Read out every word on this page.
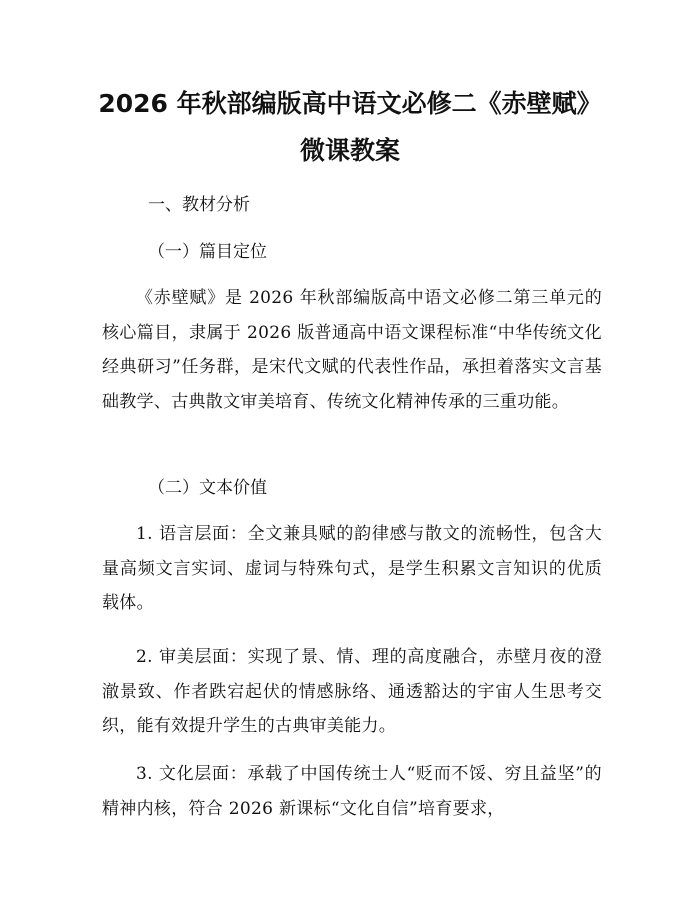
2026 年秋部编版高中语文必修二《赤壁赋》
微课教案

一、教材分析

（一）篇目定位

《赤壁赋》是 2026 年秋部编版高中语文必修二第三单元的核心篇目，隶属于 2026 版普通高中语文课程标准“中华传统文化经典研习”任务群，是宋代文赋的代表性作品，承担着落实文言基础教学、古典散文审美培育、传统文化精神传承的三重功能。

（二）文本价值

1. 语言层面：全文兼具赋的韵律感与散文的流畅性，包含大量高频文言实词、虚词与特殊句式，是学生积累文言知识的优质载体。

2. 审美层面：实现了景、情、理的高度融合，赤壁月夜的澄澈景致、作者跌宕起伏的情感脉络、通透豁达的宇宙人生思考交织，能有效提升学生的古典审美能力。

3. 文化层面：承载了中国传统士人“贬而不馁、穷且益坚”的精神内核，符合 2026 新课标“文化自信”培育要求，
